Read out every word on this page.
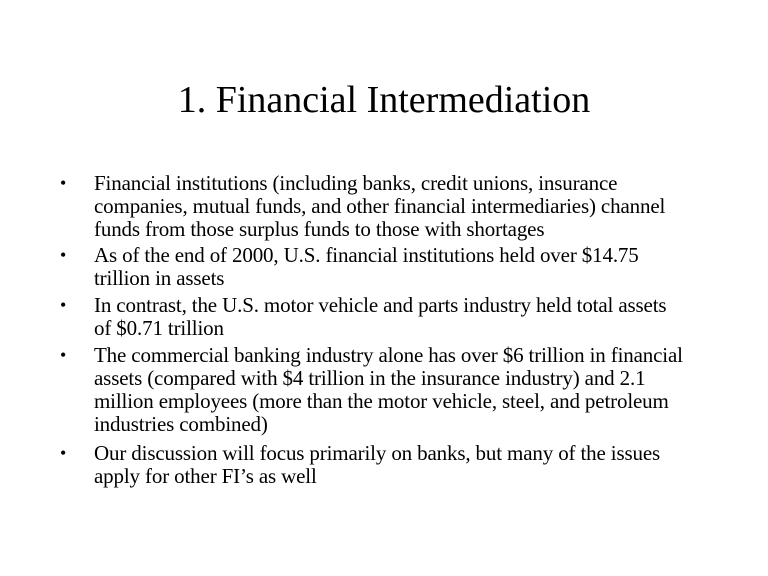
1. Financial Intermediation
• Financial institutions (including banks, credit unions, insurance
companies, mutual funds, and other financial intermediaries) channel
funds from those surplus funds to those with shortages
• As of the end of 2000, U.S. financial institutions held over $14.75
trillion in assets
• In contrast, the U.S. motor vehicle and parts industry held total assets
of $0.71 trillion
• The commercial banking industry alone has over $6 trillion in financial
assets (compared with $4 trillion in the insurance industry) and 2.1
million employees (more than the motor vehicle, steel, and petroleum
industries combined)
• Our discussion will focus primarily on banks, but many of the issues
apply for other FI’s as well
